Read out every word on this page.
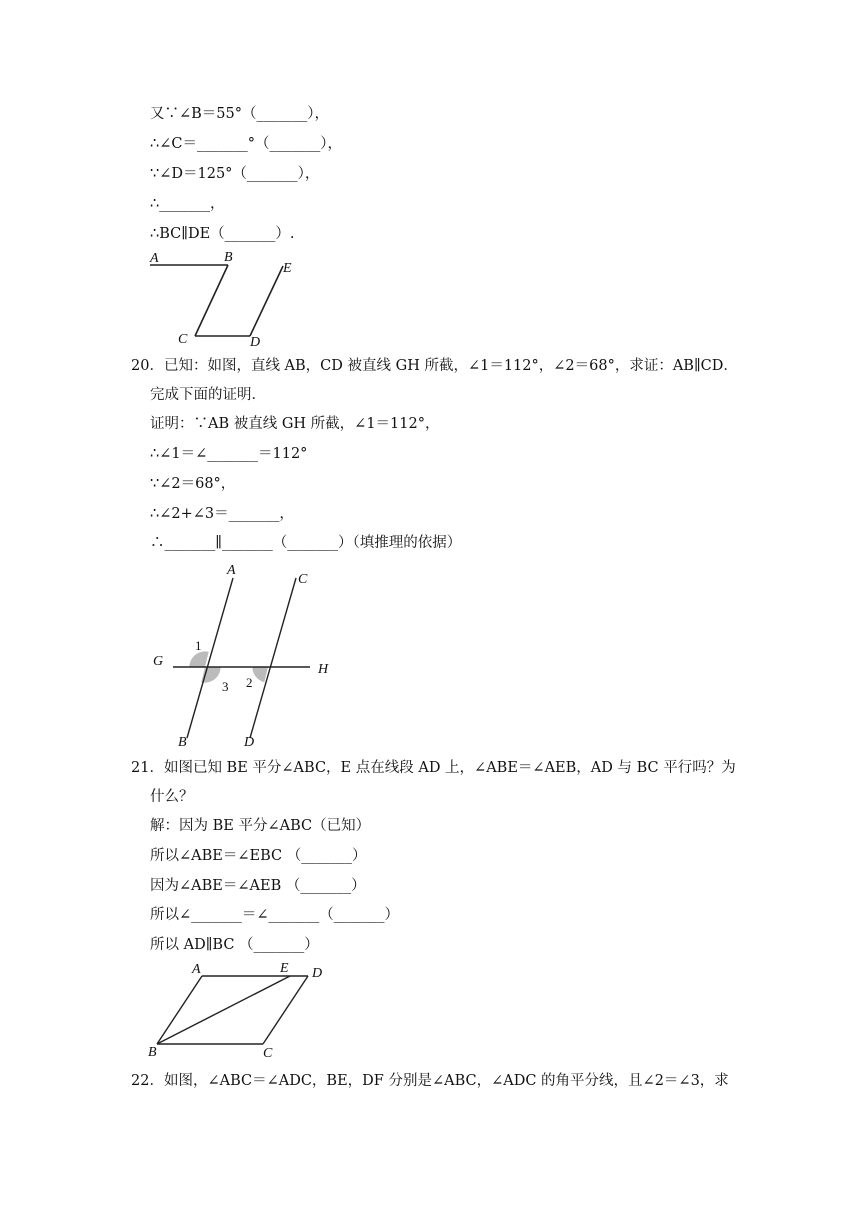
又∵∠B＝55°（_______），
∴∠C＝_______°（_______），
∵∠D＝125°（_______），
∴_______，
∴BC∥DE（_______）.
A	B
C	D
E
20．已知：如图，直线 AB，CD 被直线 GH 所截，∠1＝112°，∠2＝68°，求证：AB∥CD．
完成下面的证明．
证明：∵AB 被直线 GH 所截，∠1＝112°，
∴∠1＝∠_______＝112°
∵∠2＝68°，
∴∠2+∠3＝_______，
∴_______∥_______（_______）（填推理的依据）
A
C
G
H
1
2
3
B	D
21．如图已知 BE 平分∠ABC，E 点在线段 AD 上，∠ABE＝∠AEB，AD 与 BC 平行吗？为
什么？
解：因为 BE 平分∠ABC（已知）
所以∠ABE＝∠EBC （_______）
因为∠ABE＝∠AEB （_______）
所以∠_______＝∠_______（_______）
所以 AD∥BC （_______）
A	E D
B	C
22．如图，∠ABC＝∠ADC，BE，DF 分别是∠ABC，∠ADC 的角平分线，且∠2＝∠3，求
